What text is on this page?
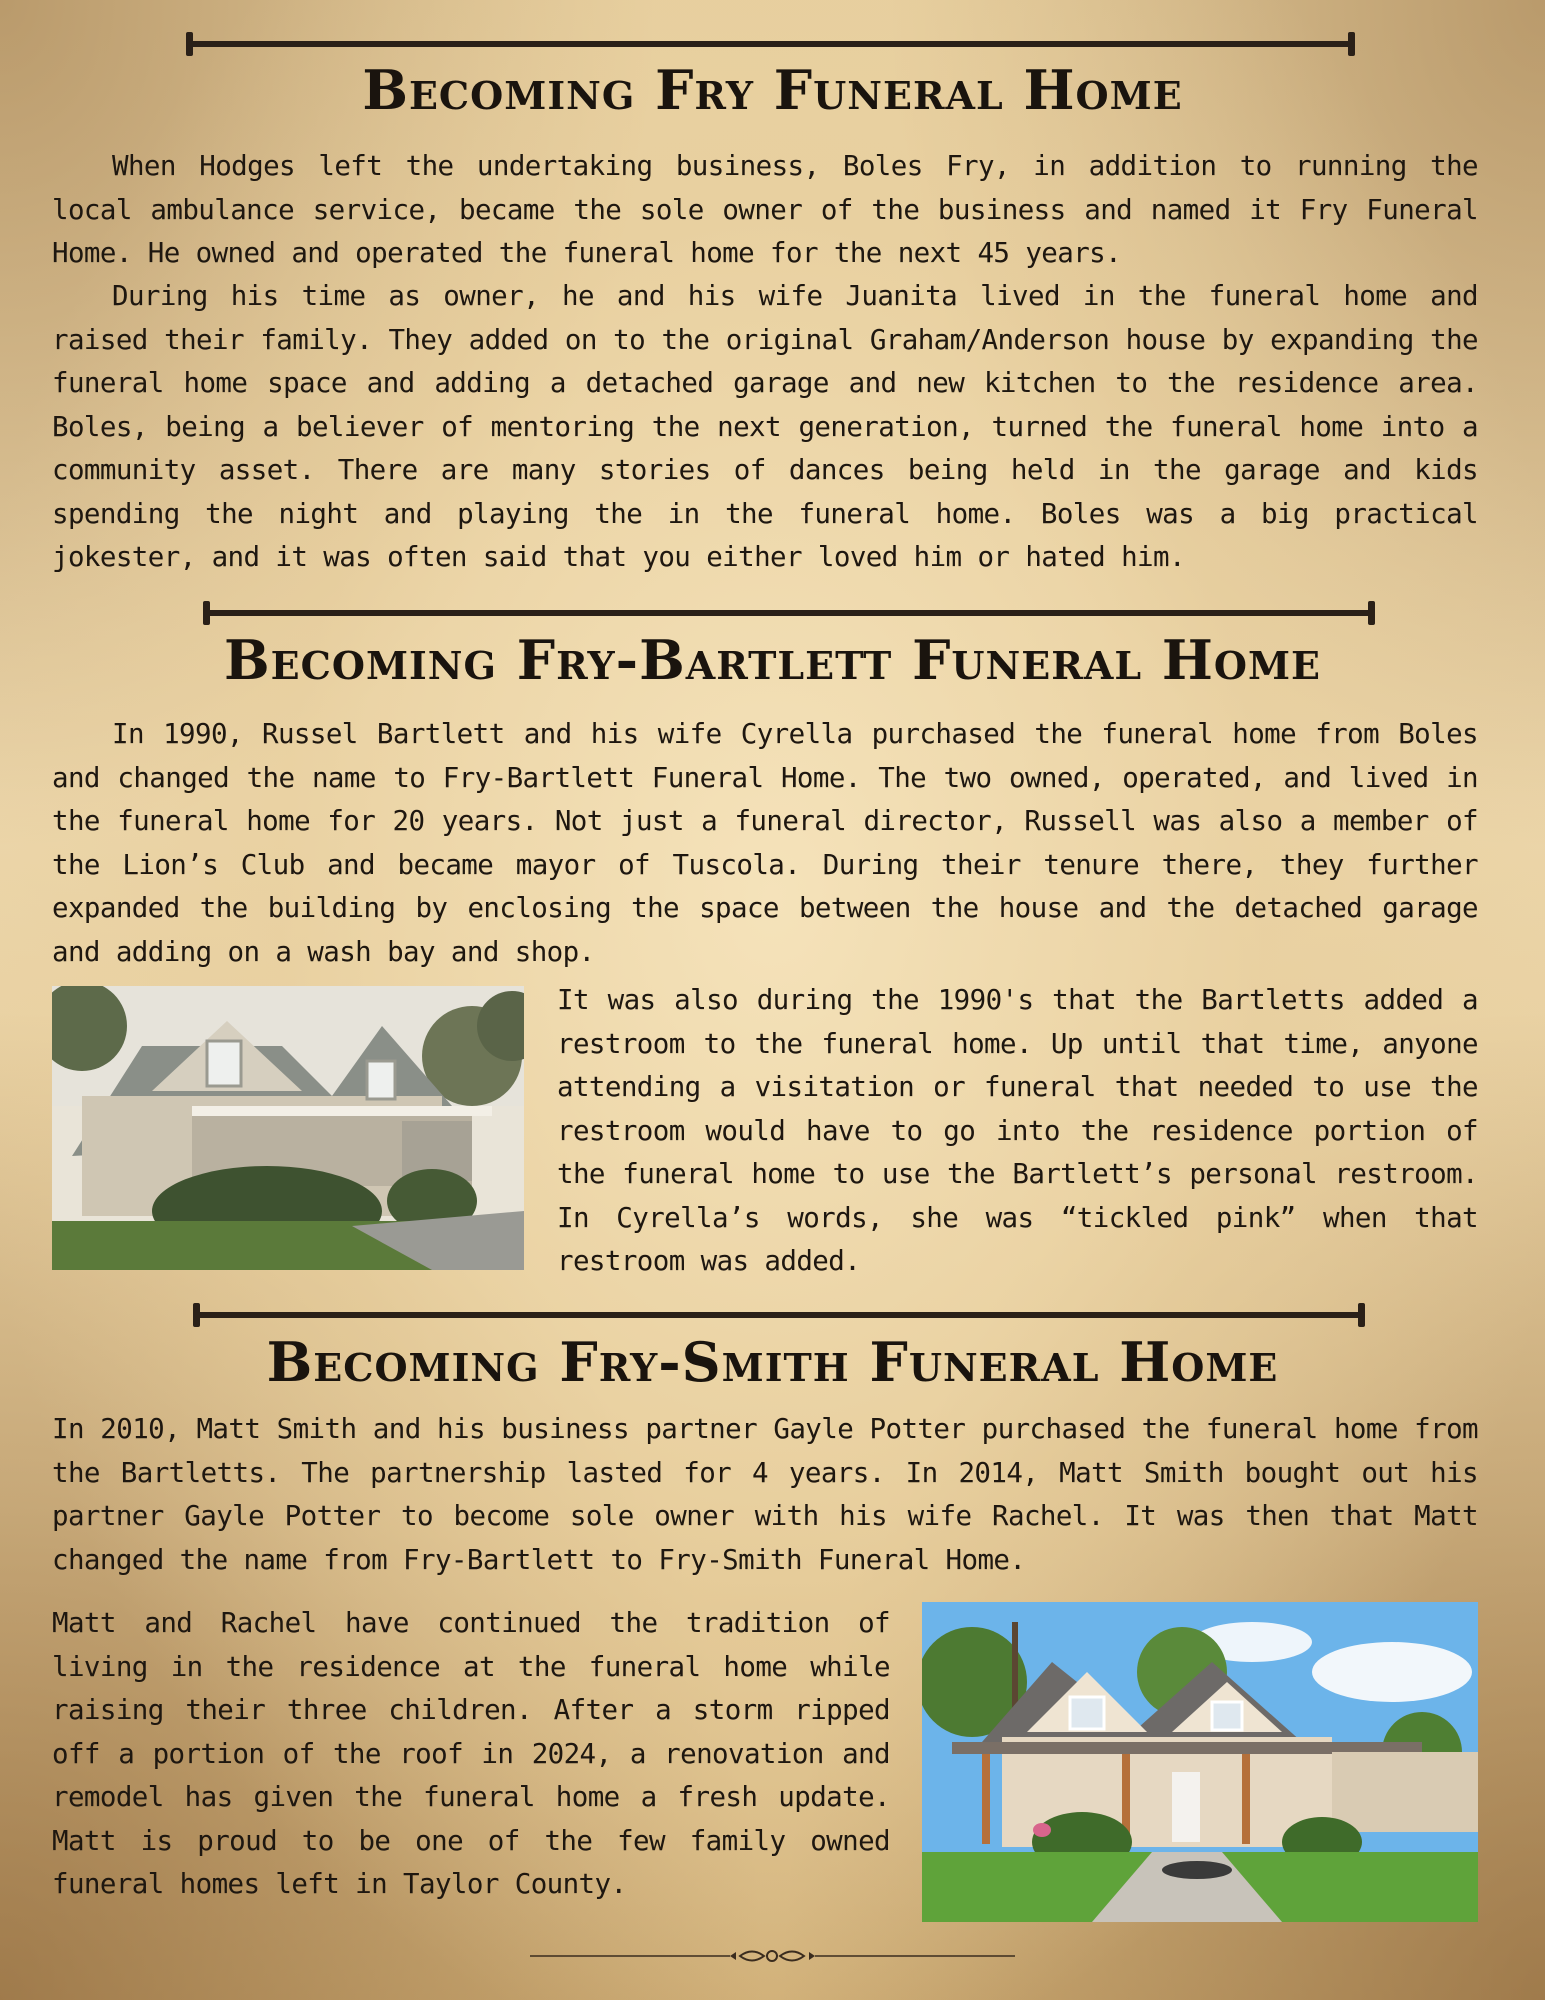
Becoming Fry Funeral Home

When Hodges left the undertaking business, Boles Fry, in addition to running the local ambulance service, became the sole owner of the business and named it Fry Funeral Home. He owned and operated the funeral home for the next 45 years.

During his time as owner, he and his wife Juanita lived in the funeral home and raised their family. They added on to the original Graham/Anderson house by expanding the funeral home space and adding a detached garage and new kitchen to the residence area. Boles, being a believer of mentoring the next generation, turned the funeral home into a community asset. There are many stories of dances being held in the garage and kids spending the night and playing the in the funeral home. Boles was a big practical jokester, and it was often said that you either loved him or hated him.

Becoming Fry-Bartlett Funeral Home

In 1990, Russel Bartlett and his wife Cyrella purchased the funeral home from Boles and changed the name to Fry-Bartlett Funeral Home. The two owned, operated, and lived in the funeral home for 20 years. Not just a funeral director, Russell was also a member of the Lion’s Club and became mayor of Tuscola. During their tenure there, they further expanded the building by enclosing the space between the house and the detached garage and adding on a wash bay and shop.

It was also during the 1990's that the Bartletts added a restroom to the funeral home. Up until that time, anyone attending a visitation or funeral that needed to use the restroom would have to go into the residence portion of the funeral home to use the Bartlett’s personal restroom. In Cyrella’s words, she was “tickled pink” when that restroom was added.

Becoming Fry-Smith Funeral Home

In 2010, Matt Smith and his business partner Gayle Potter purchased the funeral home from the Bartletts. The partnership lasted for 4 years. In 2014, Matt Smith bought out his partner Gayle Potter to become sole owner with his wife Rachel. It was then that Matt changed the name from Fry-Bartlett to Fry-Smith Funeral Home.

Matt and Rachel have continued the tradition of living in the residence at the funeral home while raising their three children. After a storm ripped off a portion of the roof in 2024, a renovation and remodel has given the funeral home a fresh update. Matt is proud to be one of the few family owned funeral homes left in Taylor County.
